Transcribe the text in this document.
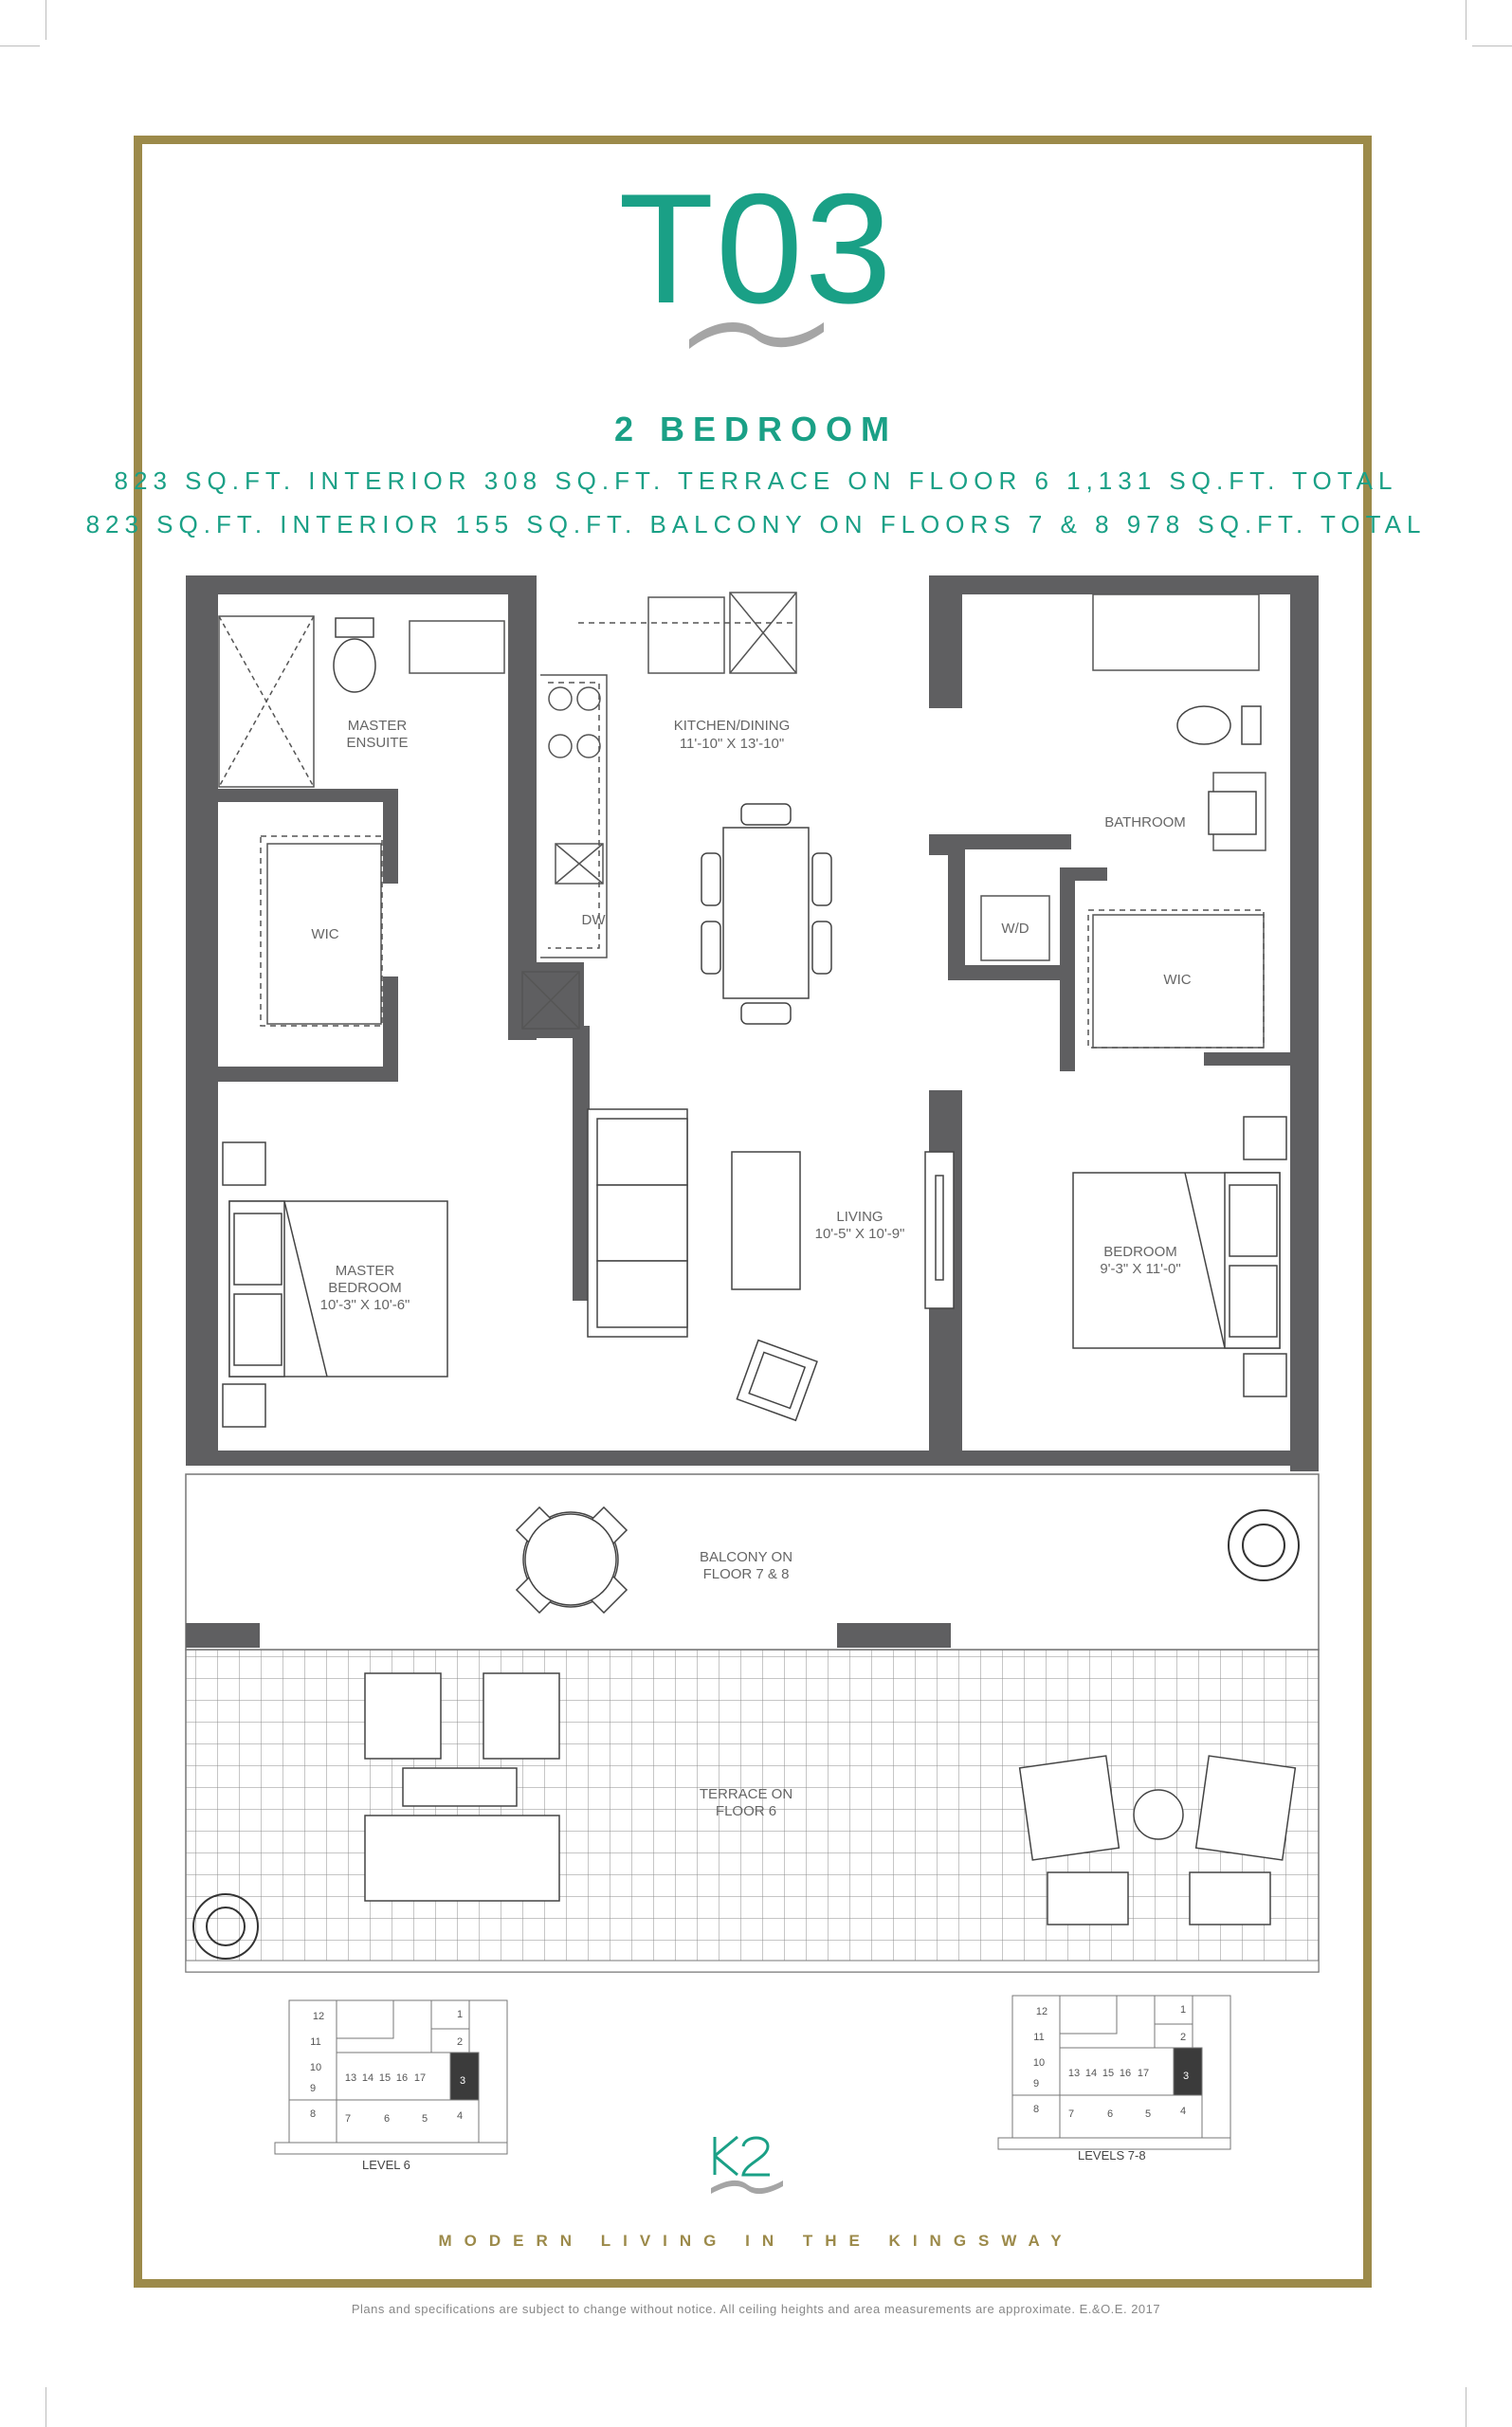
T03
2 BEDROOM
823 SQ.FT. INTERIOR 308 SQ.FT. TERRACE ON FLOOR 6 1,131 SQ.FT. TOTAL
823 SQ.FT. INTERIOR 155 SQ.FT. BALCONY ON FLOORS 7 & 8 978 SQ.FT. TOTAL
MASTER
ENSUITE
KITCHEN/DINING
11'-10" X 13'-10"
BATHROOM
WIC
WIC
W/D
DW
LIVING
10'-5" X 10'-9"
MASTER
BEDROOM
10'-3" X 10'-6"
BEDROOM
9'-3" X 11'-0"
BALCONY ON
FLOOR 7 & 8
TERRACE ON
FLOOR 6
12
11
10
9
8	7	6	5	4
3
2
1
13 14 15 16 17
12
11
10
9
8	7	6	5	4
3
2
1
13 14 15 16 17
LEVEL 6
LEVELS 7-8
MODERN LIVING IN THE KINGSWAY
Plans and specifications are subject to change without notice. All ceiling heights and area measurements are approximate. E.&O.E. 2017
